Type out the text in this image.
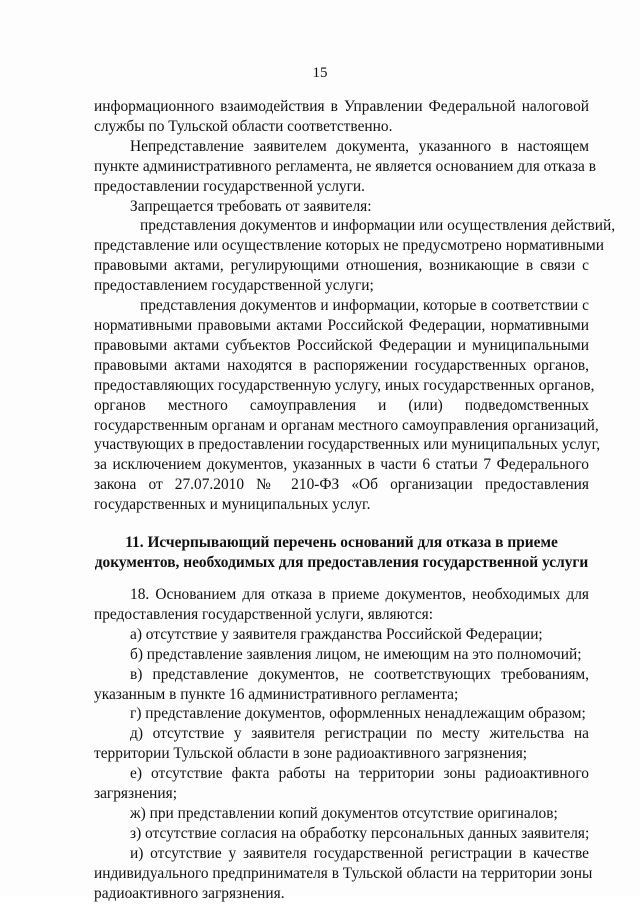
15
информационного взаимодействия в Управлении Федеральной налоговой
службы по Тульской области соответственно.
Непредставление заявителем документа, указанного в настоящем
пункте административного регламента, не является основанием для отказа в
предоставлении государственной услуги.
Запрещается требовать от заявителя:
представления документов и информации или осуществления действий,
представление или осуществление которых не предусмотрено нормативными
правовыми актами, регулирующими отношения, возникающие в связи с
предоставлением государственной услуги;
представления документов и информации, которые в соответствии с
нормативными правовыми актами Российской Федерации, нормативными
правовыми актами субъектов Российской Федерации и муниципальными
правовыми актами находятся в распоряжении государственных органов,
предоставляющих государственную услугу, иных государственных органов,
органов местного самоуправления и (или) подведомственных
государственным органам и органам местного самоуправления организаций,
участвующих в предоставлении государственных или муниципальных услуг,
за исключением документов, указанных в части 6 статьи 7 Федерального
закона от 27.07.2010 № 210-ФЗ «Об организации предоставления
государственных и муниципальных услуг.
11. Исчерпывающий перечень оснований для отказа в приеме
документов, необходимых для предоставления государственной услуги
18. Основанием для отказа в приеме документов, необходимых для
предоставления государственной услуги, являются:
а) отсутствие у заявителя гражданства Российской Федерации;
б) представление заявления лицом, не имеющим на это полномочий;
в) представление документов, не соответствующих требованиям,
указанным в пункте 16 административного регламента;
г) представление документов, оформленных ненадлежащим образом;
д) отсутствие у заявителя регистрации по месту жительства на
территории Тульской области в зоне радиоактивного загрязнения;
е) отсутствие факта работы на территории зоны радиоактивного
загрязнения;
ж) при представлении копий документов отсутствие оригиналов;
з) отсутствие согласия на обработку персональных данных заявителя;
и) отсутствие у заявителя государственной регистрации в качестве
индивидуального предпринимателя в Тульской области на территории зоны
радиоактивного загрязнения.
